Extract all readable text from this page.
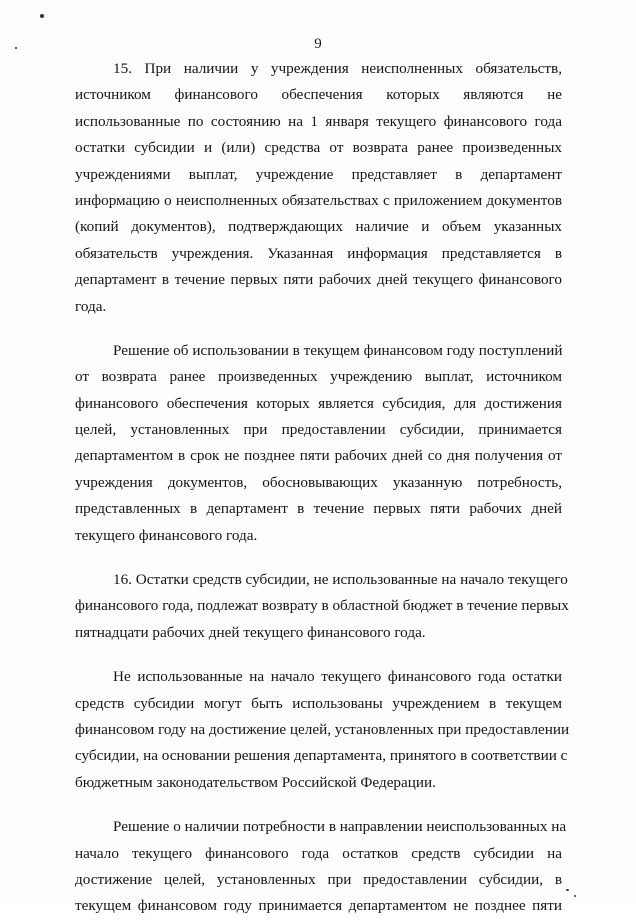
9
15. При наличии у учреждения неисполненных обязательств,
источником финансового обеспечения которых являются не
использованные по состоянию на 1 января текущего финансового года
остатки субсидии и (или) средства от возврата ранее произведенных
учреждениями выплат, учреждение представляет в департамент
информацию о неисполненных обязательствах с приложением документов
(копий документов), подтверждающих наличие и объем указанных
обязательств учреждения. Указанная информация представляется в
департамент в течение первых пяти рабочих дней текущего финансового
года.
Решение об использовании в текущем финансовом году поступлений
от возврата ранее произведенных учреждению выплат, источником
финансового обеспечения которых является субсидия, для достижения
целей, установленных при предоставлении субсидии, принимается
департаментом в срок не позднее пяти рабочих дней со дня получения от
учреждения документов, обосновывающих указанную потребность,
представленных в департамент в течение первых пяти рабочих дней
текущего финансового года.
16. Остатки средств субсидии, не использованные на начало текущего
финансового года, подлежат возврату в областной бюджет в течение первых
пятнадцати рабочих дней текущего финансового года.
Не использованные на начало текущего финансового года остатки
средств субсидии могут быть использованы учреждением в текущем
финансовом году на достижение целей, установленных при предоставлении
субсидии, на основании решения департамента, принятого в соответствии с
бюджетным законодательством Российской Федерации.
Решение о наличии потребности в направлении неиспользованных на
начало текущего финансового года остатков средств субсидии на
достижение целей, установленных при предоставлении субсидии, в
текущем финансовом году принимается департаментом не позднее пяти
